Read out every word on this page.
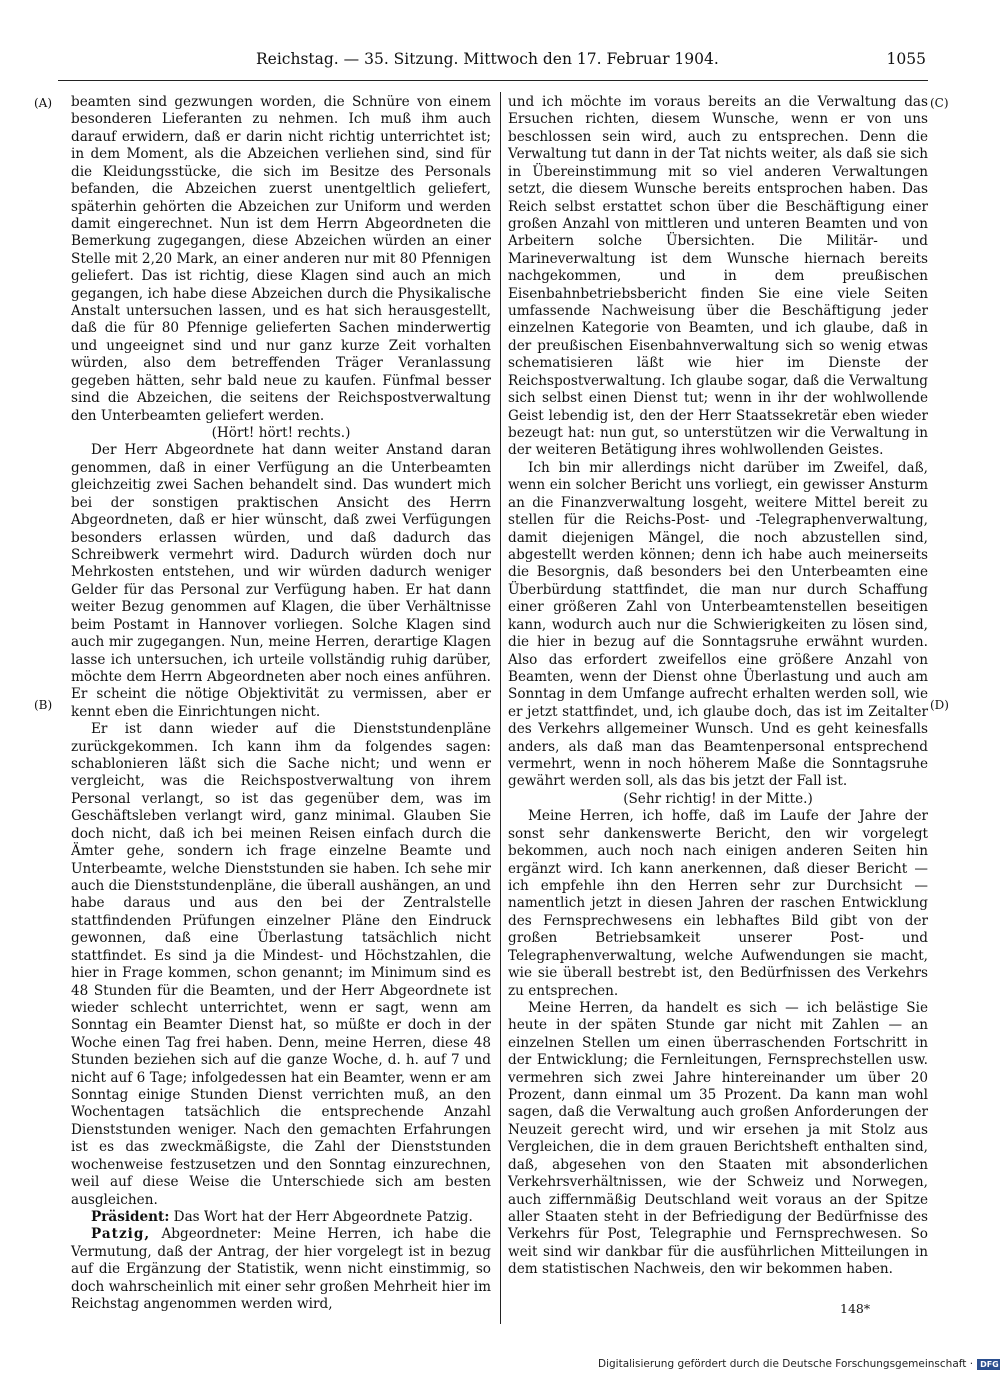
Reichstag. — 35. Sitzung. Mittwoch den 17. Februar 1904.	1055
(A)
(B)
(C)
(D)

beamten sind gezwungen worden, die Schnüre von einem besonderen Lieferanten zu nehmen. Ich muß ihm auch darauf erwidern, daß er darin nicht richtig unterrichtet ist; in dem Moment, als die Abzeichen verliehen sind, sind für die Kleidungsstücke, die sich im Besitze des Personals befanden, die Abzeichen zuerst unentgeltlich geliefert, späterhin gehörten die Abzeichen zur Uniform und werden damit eingerechnet. Nun ist dem Herrn Abgeordneten die Bemerkung zugegangen, diese Abzeichen würden an einer Stelle mit 2,20 Mark, an einer anderen nur mit 80 Pfennigen geliefert. Das ist richtig, diese Klagen sind auch an mich gegangen, ich habe diese Abzeichen durch die Physikalische Anstalt untersuchen lassen, und es hat sich herausgestellt, daß die für 80 Pfennige gelieferten Sachen minderwertig und ungeeignet sind und nur ganz kurze Zeit vorhalten würden, also dem betreffenden Träger Veranlassung gegeben hätten, sehr bald neue zu kaufen. Fünfmal besser sind die Abzeichen, die seitens der Reichspostverwaltung den Unterbeamten geliefert werden.

(Hört! hört! rechts.)

Der Herr Abgeordnete hat dann weiter Anstand daran genommen, daß in einer Verfügung an die Unterbeamten gleichzeitig zwei Sachen behandelt sind. Das wundert mich bei der sonstigen praktischen Ansicht des Herrn Abgeordneten, daß er hier wünscht, daß zwei Verfügungen besonders erlassen würden, und daß dadurch das Schreibwerk vermehrt wird. Dadurch würden doch nur Mehrkosten entstehen, und wir würden dadurch weniger Gelder für das Personal zur Verfügung haben. Er hat dann weiter Bezug genommen auf Klagen, die über Verhältnisse beim Postamt in Hannover vorliegen. Solche Klagen sind auch mir zugegangen. Nun, meine Herren, derartige Klagen lasse ich untersuchen, ich urteile vollständig ruhig darüber, möchte dem Herrn Abgeordneten aber noch eines anführen. Er scheint die nötige Objektivität zu vermissen, aber er kennt eben die Einrichtungen nicht.

Er ist dann wieder auf die Dienststundenpläne zurückgekommen. Ich kann ihm da folgendes sagen: schablonieren läßt sich die Sache nicht; und wenn er vergleicht, was die Reichspostverwaltung von ihrem Personal verlangt, so ist das gegenüber dem, was im Geschäftsleben verlangt wird, ganz minimal. Glauben Sie doch nicht, daß ich bei meinen Reisen einfach durch die Ämter gehe, sondern ich frage einzelne Beamte und Unterbeamte, welche Dienststunden sie haben. Ich sehe mir auch die Dienststundenpläne, die überall aushängen, an und habe daraus und aus den bei der Zentralstelle stattfindenden Prüfungen einzelner Pläne den Eindruck gewonnen, daß eine Überlastung tatsächlich nicht stattfindet. Es sind ja die Mindest- und Höchstzahlen, die hier in Frage kommen, schon genannt; im Minimum sind es 48 Stunden für die Beamten, und der Herr Abgeordnete ist wieder schlecht unterrichtet, wenn er sagt, wenn am Sonntag ein Beamter Dienst hat, so müßte er doch in der Woche einen Tag frei haben. Denn, meine Herren, diese 48 Stunden beziehen sich auf die ganze Woche, d. h. auf 7 und nicht auf 6 Tage; infolgedessen hat ein Beamter, wenn er am Sonntag einige Stunden Dienst verrichten muß, an den Wochentagen tatsächlich die entsprechende Anzahl Dienststunden weniger. Nach den gemachten Erfahrungen ist es das zweckmäßigste, die Zahl der Dienststunden wochenweise festzusetzen und den Sonntag einzurechnen, weil auf diese Weise die Unterschiede sich am besten ausgleichen.

Präsident: Das Wort hat der Herr Abgeordnete Patzig.

Patzig, Abgeordneter: Meine Herren, ich habe die Vermutung, daß der Antrag, der hier vorgelegt ist in bezug auf die Ergänzung der Statistik, wenn nicht einstimmig, so doch wahrscheinlich mit einer sehr großen Mehrheit hier im Reichstag angenommen werden wird,

und ich möchte im voraus bereits an die Verwaltung das Ersuchen richten, diesem Wunsche, wenn er von uns beschlossen sein wird, auch zu entsprechen. Denn die Verwaltung tut dann in der Tat nichts weiter, als daß sie sich in Übereinstimmung mit so viel anderen Verwaltungen setzt, die diesem Wunsche bereits entsprochen haben. Das Reich selbst erstattet schon über die Beschäftigung einer großen Anzahl von mittleren und unteren Beamten und von Arbeitern solche Übersichten. Die Militär- und Marineverwaltung ist dem Wunsche hiernach bereits nachgekommen, und in dem preußischen Eisenbahnbetriebsbericht finden Sie eine viele Seiten umfassende Nachweisung über die Beschäftigung jeder einzelnen Kategorie von Beamten, und ich glaube, daß in der preußischen Eisenbahnverwaltung sich so wenig etwas schematisieren läßt wie hier im Dienste der Reichspostverwaltung. Ich glaube sogar, daß die Verwaltung sich selbst einen Dienst tut; wenn in ihr der wohlwollende Geist lebendig ist, den der Herr Staatssekretär eben wieder bezeugt hat: nun gut, so unterstützen wir die Verwaltung in der weiteren Betätigung ihres wohlwollenden Geistes.

Ich bin mir allerdings nicht darüber im Zweifel, daß, wenn ein solcher Bericht uns vorliegt, ein gewisser Ansturm an die Finanzverwaltung losgeht, weitere Mittel bereit zu stellen für die Reichs-Post- und -Telegraphenverwaltung, damit diejenigen Mängel, die noch abzustellen sind, abgestellt werden können; denn ich habe auch meinerseits die Besorgnis, daß besonders bei den Unterbeamten eine Überbürdung stattfindet, die man nur durch Schaffung einer größeren Zahl von Unterbeamtenstellen beseitigen kann, wodurch auch nur die Schwierigkeiten zu lösen sind, die hier in bezug auf die Sonntagsruhe erwähnt wurden. Also das erfordert zweifellos eine größere Anzahl von Beamten, wenn der Dienst ohne Überlastung und auch am Sonntag in dem Umfange aufrecht erhalten werden soll, wie er jetzt stattfindet, und, ich glaube doch, das ist im Zeitalter des Verkehrs allgemeiner Wunsch. Und es geht keinesfalls anders, als daß man das Beamtenpersonal entsprechend vermehrt, wenn in noch höherem Maße die Sonntagsruhe gewährt werden soll, als das bis jetzt der Fall ist.

(Sehr richtig! in der Mitte.)

Meine Herren, ich hoffe, daß im Laufe der Jahre der sonst sehr dankenswerte Bericht, den wir vorgelegt bekommen, auch noch nach einigen anderen Seiten hin ergänzt wird. Ich kann anerkennen, daß dieser Bericht — ich empfehle ihn den Herren sehr zur Durchsicht — namentlich jetzt in diesen Jahren der raschen Entwicklung des Fernsprechwesens ein lebhaftes Bild gibt von der großen Betriebsamkeit unserer Post- und Telegraphenverwaltung, welche Aufwendungen sie macht, wie sie überall bestrebt ist, den Bedürfnissen des Verkehrs zu entsprechen.

Meine Herren, da handelt es sich — ich belästige Sie heute in der späten Stunde gar nicht mit Zahlen — an einzelnen Stellen um einen überraschenden Fortschritt in der Entwicklung; die Fernleitungen, Fernsprechstellen usw. vermehren sich zwei Jahre hintereinander um über 20 Prozent, dann einmal um 35 Prozent. Da kann man wohl sagen, daß die Verwaltung auch großen Anforderungen der Neuzeit gerecht wird, und wir ersehen ja mit Stolz aus Vergleichen, die in dem grauen Berichtsheft enthalten sind, daß, abgesehen von den Staaten mit absonderlichen Verkehrsverhältnissen, wie der Schweiz und Norwegen, auch ziffernmäßig Deutschland weit voraus an der Spitze aller Staaten steht in der Befriedigung der Bedürfnisse des Verkehrs für Post, Telegraphie und Fernsprechwesen. So weit sind wir dankbar für die ausführlichen Mitteilungen in dem statistischen Nachweis, den wir bekommen haben.

148*
Digitalisierung gefördert durch die Deutsche Forschungsgemeinschaft · DFG
